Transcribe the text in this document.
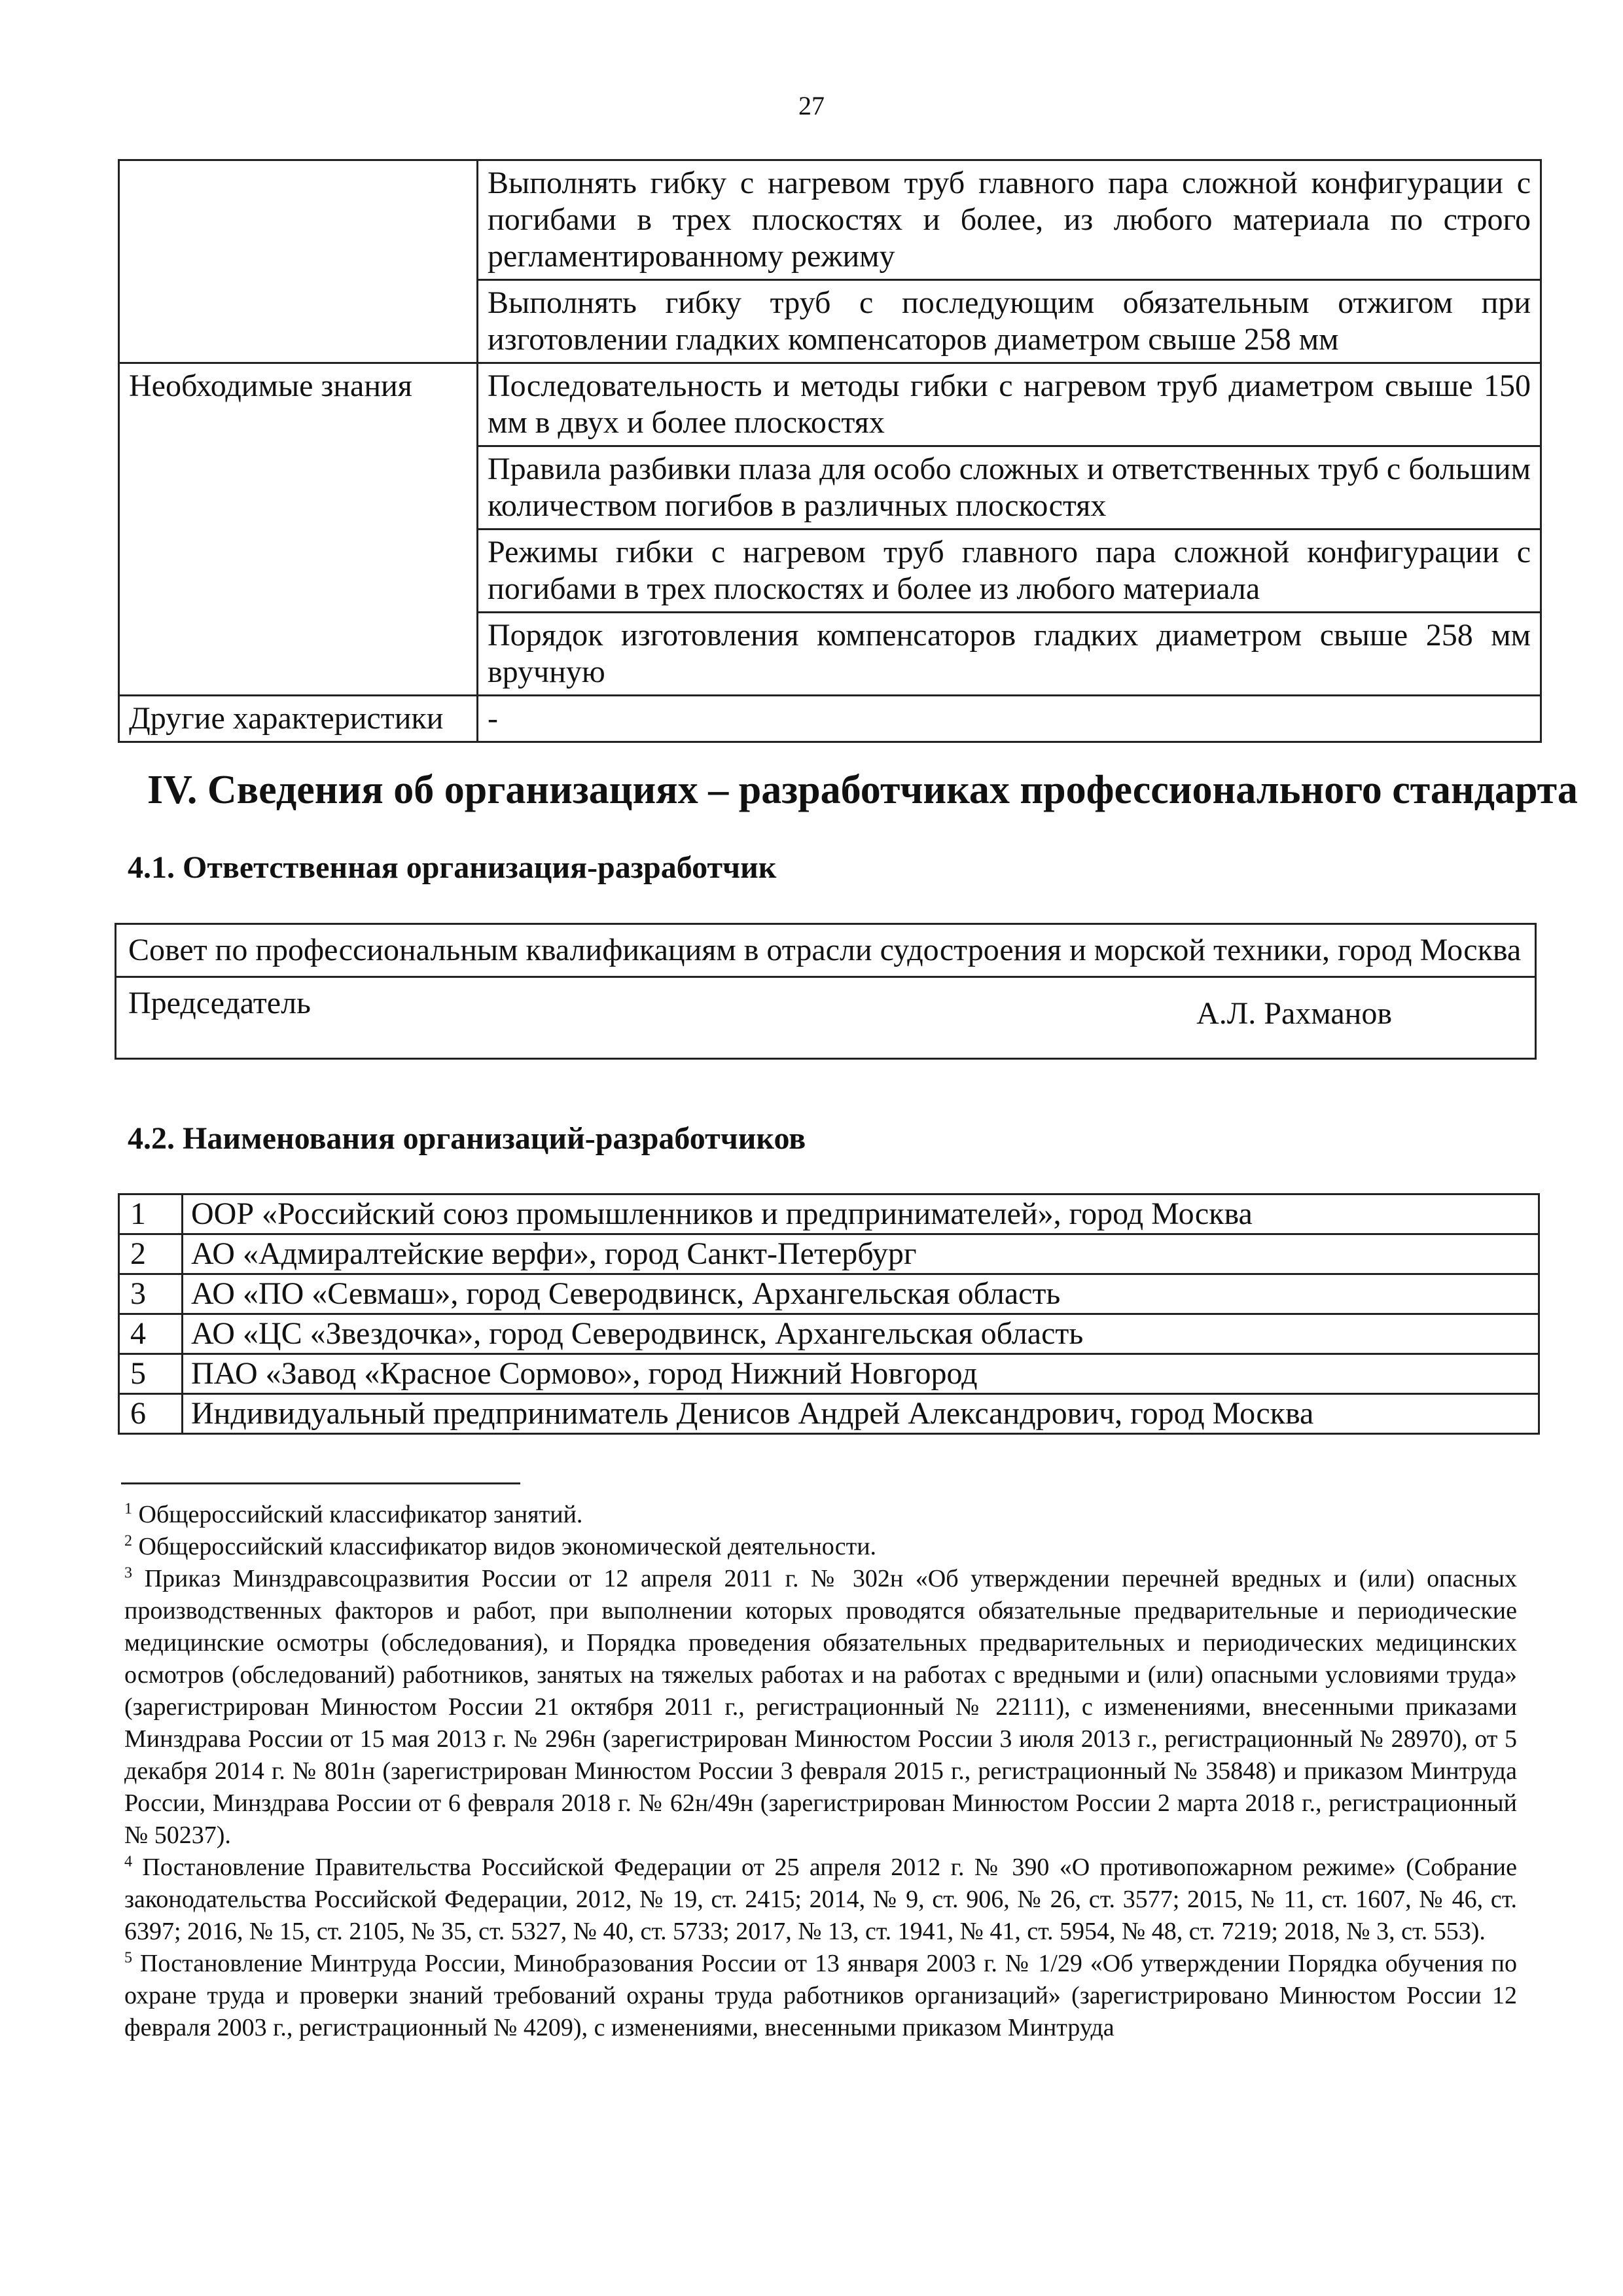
27
	Выполнять гибку с нагревом труб главного пара сложной конфигурации с погибами в трех плоскостях и более, из любого материала по строго регламентированному режиму
	Выполнять гибку труб с последующим обязательным отжигом при изготовлении гладких компенсаторов диаметром свыше 258 мм
Необходимые знания	Последовательность и методы гибки с нагревом труб диаметром свыше 150 мм в двух и более плоскостях
	Правила разбивки плаза для особо сложных и ответственных труб с большим количеством погибов в различных плоскостях
	Режимы гибки с нагревом труб главного пара сложной конфигурации с погибами в трех плоскостях и более из любого материала
	Порядок изготовления компенсаторов гладких диаметром свыше 258 мм вручную
Другие характеристики	-
IV. Сведения об организациях – разработчиках профессионального стандарта
4.1. Ответственная организация-разработчик
Совет по профессиональным квалификациям в отрасли судостроения и морской техники, город Москва

Председатель	А.Л. Рахманов
4.2. Наименования организаций-разработчиков
1	ООР «Российский союз промышленников и предпринимателей», город Москва
2	АО «Адмиралтейские верфи», город Санкт-Петербург
3	АО «ПО «Севмаш», город Северодвинск, Архангельская область
4	АО «ЦС «Звездочка», город Северодвинск, Архангельская область
5	ПАО «Завод «Красное Сормово», город Нижний Новгород
6	Индивидуальный предприниматель Денисов Андрей Александрович, город Москва

$^1$ Общероссийский классификатор занятий.

$^2$ Общероссийский классификатор видов экономической деятельности.

$^3$ Приказ Минздравсоцразвития России от 12 апреля 2011 г. № 302н «Об утверждении перечней вредных и (или) опасных производственных факторов и работ, при выполнении которых проводятся обязательные предварительные и периодические медицинские осмотры (обследования), и Порядка проведения обязательных предварительных и периодических медицинских осмотров (обследований) работников, занятых на тяжелых работах и на работах с вредными и (или) опасными условиями труда» (зарегистрирован Минюстом России 21 октября 2011 г., регистрационный № 22111), с изменениями, внесенными приказами Минздрава России от 15 мая 2013 г. № 296н (зарегистрирован Минюстом России 3 июля 2013 г., регистрационный № 28970), от 5 декабря 2014 г. № 801н (зарегистрирован Минюстом России 3 февраля 2015 г., регистрационный № 35848) и приказом Минтруда России, Минздрава России от 6 февраля 2018 г. № 62н/49н (зарегистрирован Минюстом России 2 марта 2018 г., регистрационный № 50237).

$^4$ Постановление Правительства Российской Федерации от 25 апреля 2012 г. № 390 «О противопожарном режиме» (Собрание законодательства Российской Федерации, 2012, № 19, ст. 2415; 2014, № 9, ст. 906, № 26, ст. 3577; 2015, № 11, ст. 1607, № 46, ст. 6397; 2016, № 15, ст. 2105, № 35, ст. 5327, № 40, ст. 5733; 2017, № 13, ст. 1941, № 41, ст. 5954, № 48, ст. 7219; 2018, № 3, ст. 553).

$^5$ Постановление Минтруда России, Минобразования России от 13 января 2003 г. № 1/29 «Об утверждении Порядка обучения по охране труда и проверки знаний требований охраны труда работников организаций» (зарегистрировано Минюстом России 12 февраля 2003 г., регистрационный № 4209), с изменениями, внесенными приказом Минтруда
